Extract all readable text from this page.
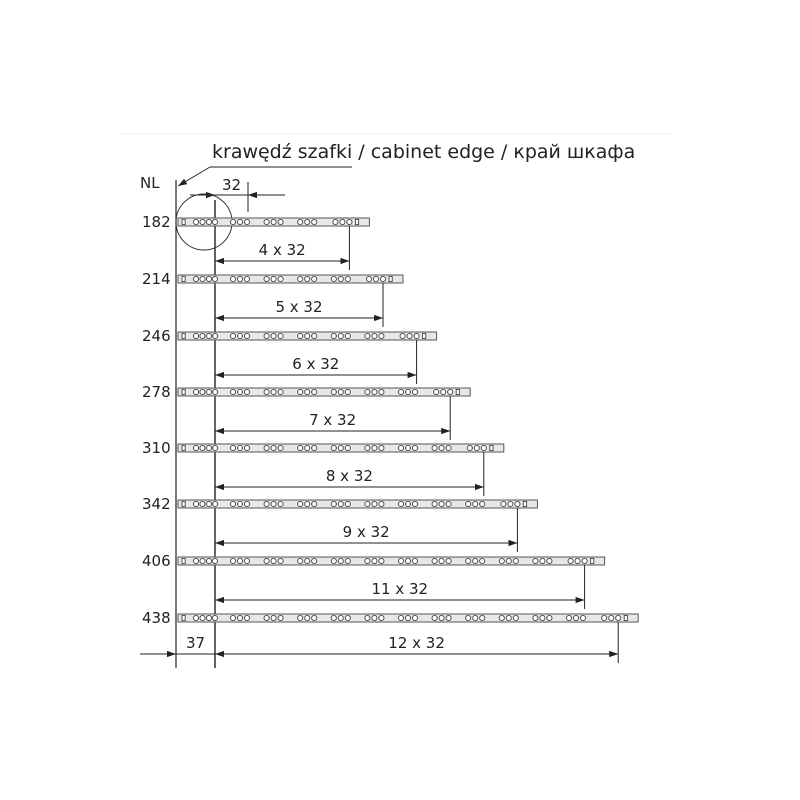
krawędź szafki / cabinet edge / край шкафа
NL	32
182
4 x 32
214
5 x 32
246
6 x 32
278
7 x 32
310
8 x 32
342
9 x 32
406
11 x 32
438
12 x 32
37
